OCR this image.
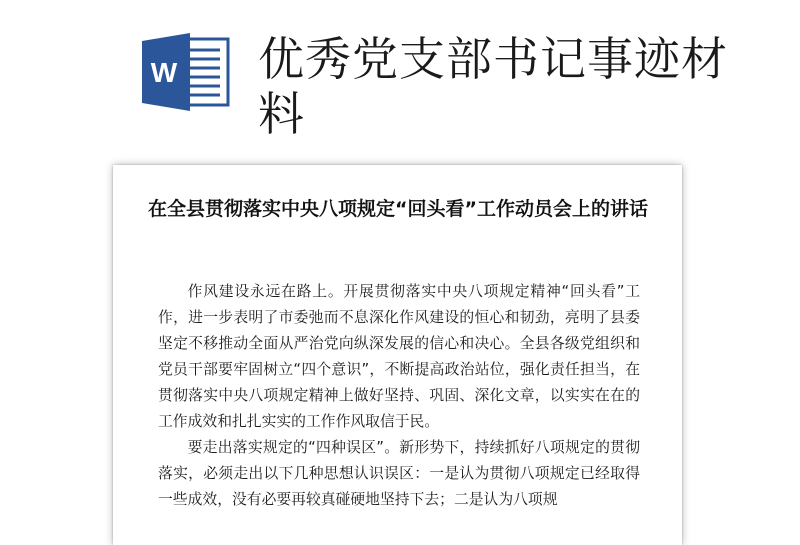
W 优秀党支部书记事迹材料
在全县贯彻落实中央八项规定“回头看”工作动员会上的讲话

作风建设永远在路上。开展贯彻落实中央八项规定精神“回头看”工作，进一步表明了市委弛而不息深化作风建设的恒心和韧劲，亮明了县委坚定不移推动全面从严治党向纵深发展的信心和决心。全县各级党组织和党员干部要牢固树立“四个意识”，不断提高政治站位，强化责任担当，在贯彻落实中央八项规定精神上做好坚持、巩固、深化文章，以实实在在的工作成效和扎扎实实的工作作风取信于民。

要走出落实规定的“四种误区”。新形势下，持续抓好八项规定的贯彻落实，必须走出以下几种思想认识误区：一是认为贯彻八项规定已经取得一些成效，没有必要再较真碰硬地坚持下去；二是认为八项规
